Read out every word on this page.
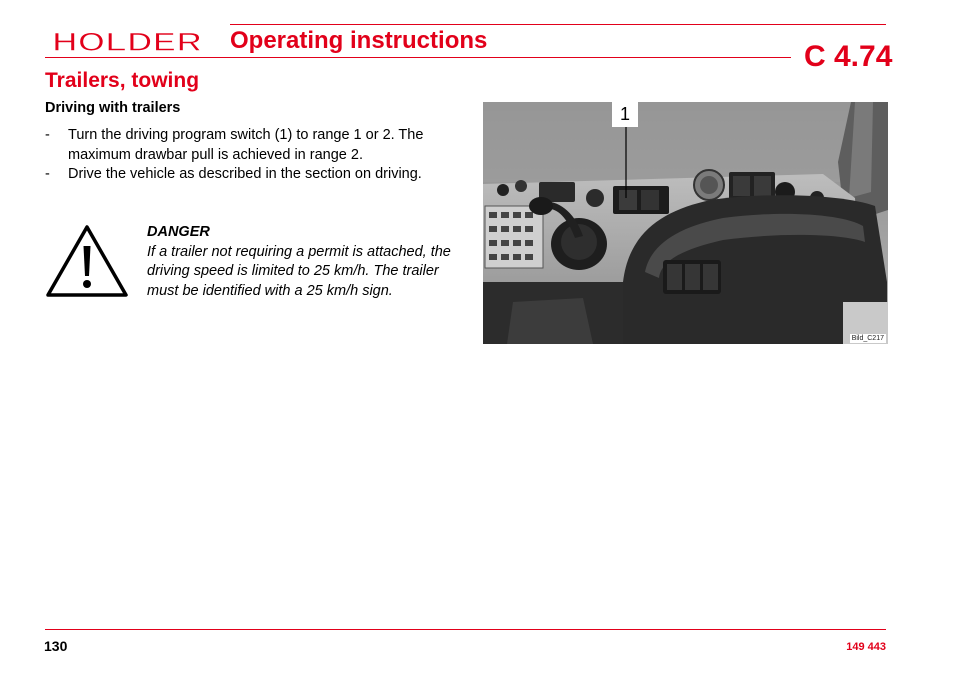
HOLDER Operating instructions	C 4.74
Trailers, towing
Driving with trailers
- Turn the driving program switch (1) to range 1 or 2. The maximum drawbar pull is achieved in range 2.
- Drive the vehicle as described in the section on driving.
DANGER
If a trailer not requiring a permit is attached, the driving speed is limited to 25 km/h. The trailer must be identified with a 25 km/h sign.
Bild_C217
1
130	149 443
